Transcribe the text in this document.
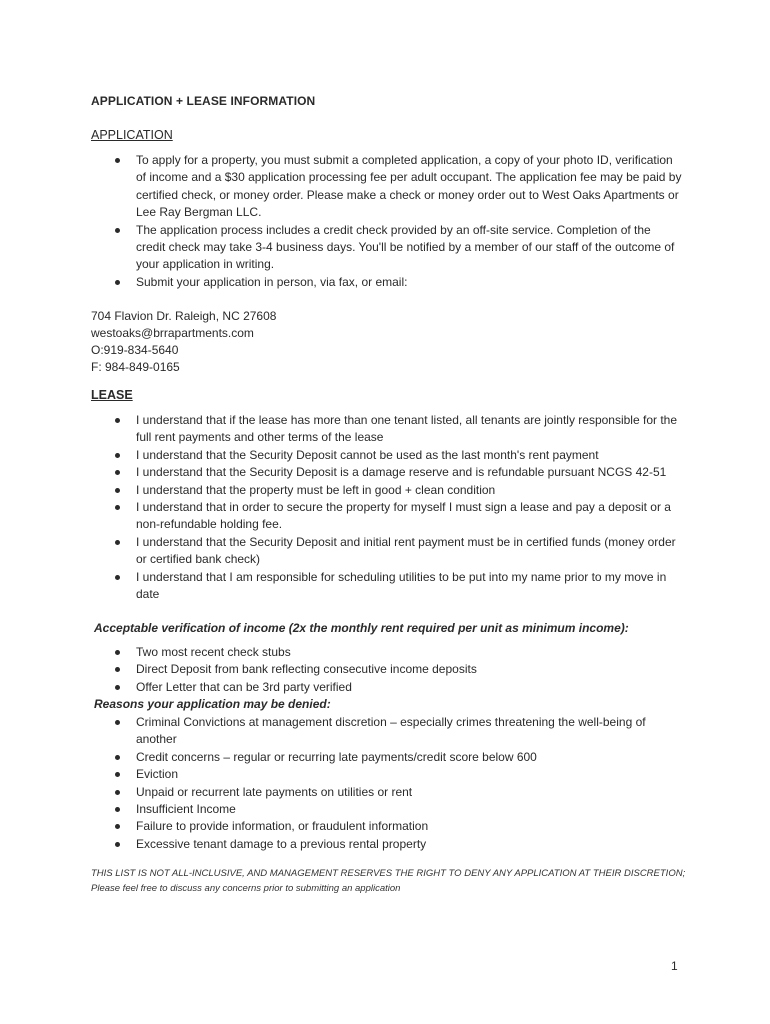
APPLICATION + LEASE INFORMATION
APPLICATION
To apply for a property, you must submit a completed application, a copy of your photo ID, verification of income and a $30 application processing fee per adult occupant. The application fee may be paid by certified check, or money order. Please make a check or money order out to West Oaks Apartments or Lee Ray Bergman LLC.
The application process includes a credit check provided by an off-site service. Completion of the credit check may take 3-4 business days. You'll be notified by a member of our staff of the outcome of your application in writing.
Submit your application in person, via fax, or email:
704 Flavion Dr. Raleigh, NC 27608
westoaks@brrapartments.com
O:919-834-5640
F: 984-849-0165
LEASE
I understand that if the lease has more than one tenant listed, all tenants are jointly responsible for the full rent payments and other terms of the lease
I understand that the Security Deposit cannot be used as the last month's rent payment
I understand that the Security Deposit is a damage reserve and is refundable pursuant NCGS 42-51
I understand that the property must be left in good + clean condition
I understand that in order to secure the property for myself I must sign a lease and pay a deposit or a non-refundable holding fee.
I understand that the Security Deposit and initial rent payment must be in certified funds (money order or certified bank check)
I understand that I am responsible for scheduling utilities to be put into my name prior to my move in date
Acceptable verification of income (2x the monthly rent required per unit as minimum income):
Two most recent check stubs
Direct Deposit from bank reflecting consecutive income deposits
Offer Letter that can be 3rd party verified
Reasons your application may be denied:
Criminal Convictions at management discretion – especially crimes threatening the well-being of another
Credit concerns – regular or recurring late payments/credit score below 600
Eviction
Unpaid or recurrent late payments on utilities or rent
Insufficient Income
Failure to provide information, or fraudulent information
Excessive tenant damage to a previous rental property
THIS LIST IS NOT ALL-INCLUSIVE, AND MANAGEMENT RESERVES THE RIGHT TO DENY ANY APPLICATION AT THEIR DISCRETION; Please feel free to discuss any concerns prior to submitting an application
1
